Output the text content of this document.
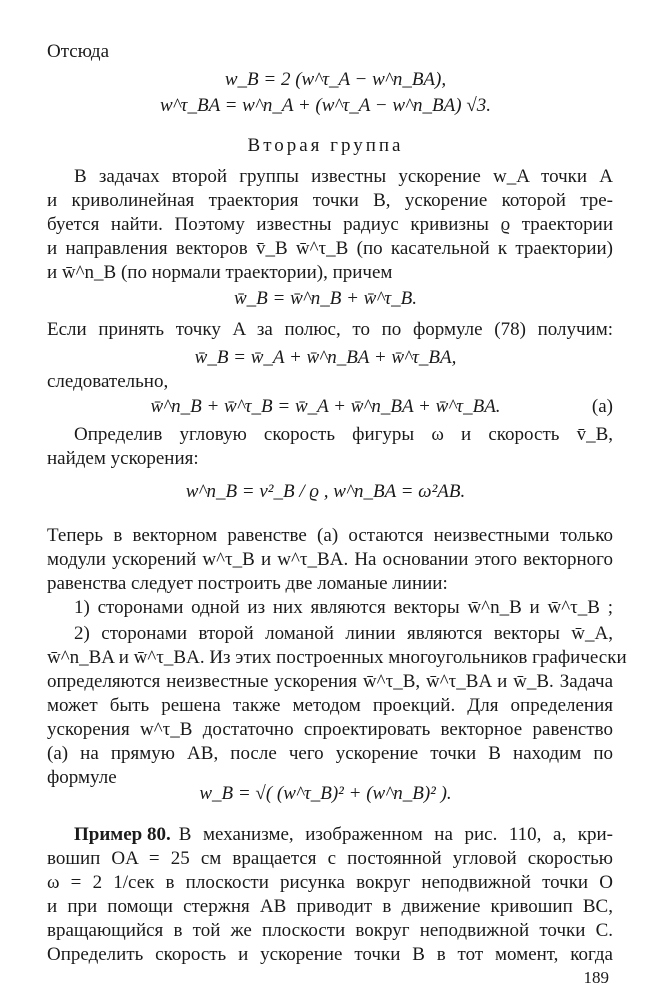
Отсюда
w_B = 2 (w^τ_A − w^n_BA),
w^τ_BA = w^n_A + (w^τ_A − w^n_BA) √3.
Вторая группа
В задачах второй группы известны ускорение w_A точки A
и криволинейная траектория точки B, ускорение которой тре-
буется найти. Поэтому известны радиус кривизны ϱ траектории
и направления векторов v̄_B w̄^τ_B (по касательной к траектории)
и w̄^n_B (по нормали траектории), причем
w̄_B = w̄^n_B + w̄^τ_B.
Если принять точку A за полюс, то по формуле (78) получим:
w̄_B = w̄_A + w̄^n_BA + w̄^τ_BA,
следовательно,
w̄^n_B + w̄^τ_B = w̄_A + w̄^n_BA + w̄^τ_BA.	(a)
Определив угловую скорость фигуры ω и скорость v̄_B,
найдем ускорения:
w^n_B = v²_B / ϱ , w^n_BA = ω²AB.
Теперь в векторном равенстве (а) остаются неизвестными только
модули ускорений w^τ_B и w^τ_BA. На основании этого векторного
равенства следует построить две ломаные линии:
1) сторонами одной из них являются векторы w̄^n_B и w̄^τ_B ;
2) сторонами второй ломаной линии являются векторы w̄_A,
w̄^n_BA и w̄^τ_BA. Из этих построенных многоугольников графически
определяются неизвестные ускорения w̄^τ_B, w̄^τ_BA и w̄_B. Задача
может быть решена также методом проекций. Для определения
ускорения w^τ_B достаточно спроектировать векторное равенство
(а) на прямую AB, после чего ускорение точки B находим по
формуле
w_B = √( (w^τ_B)² + (w^n_B)² ).
Пример 80. В механизме, изображенном на рис. 110, а, кри-
вошип OA = 25 см вращается с постоянной угловой скоростью
ω = 2 1/сек в плоскости рисунка вокруг неподвижной точки O
и при помощи стержня AB приводит в движение кривошип BC,
вращающийся в той же плоскости вокруг неподвижной точки C.
Определить скорость и ускорение точки B в тот момент, когда
189
